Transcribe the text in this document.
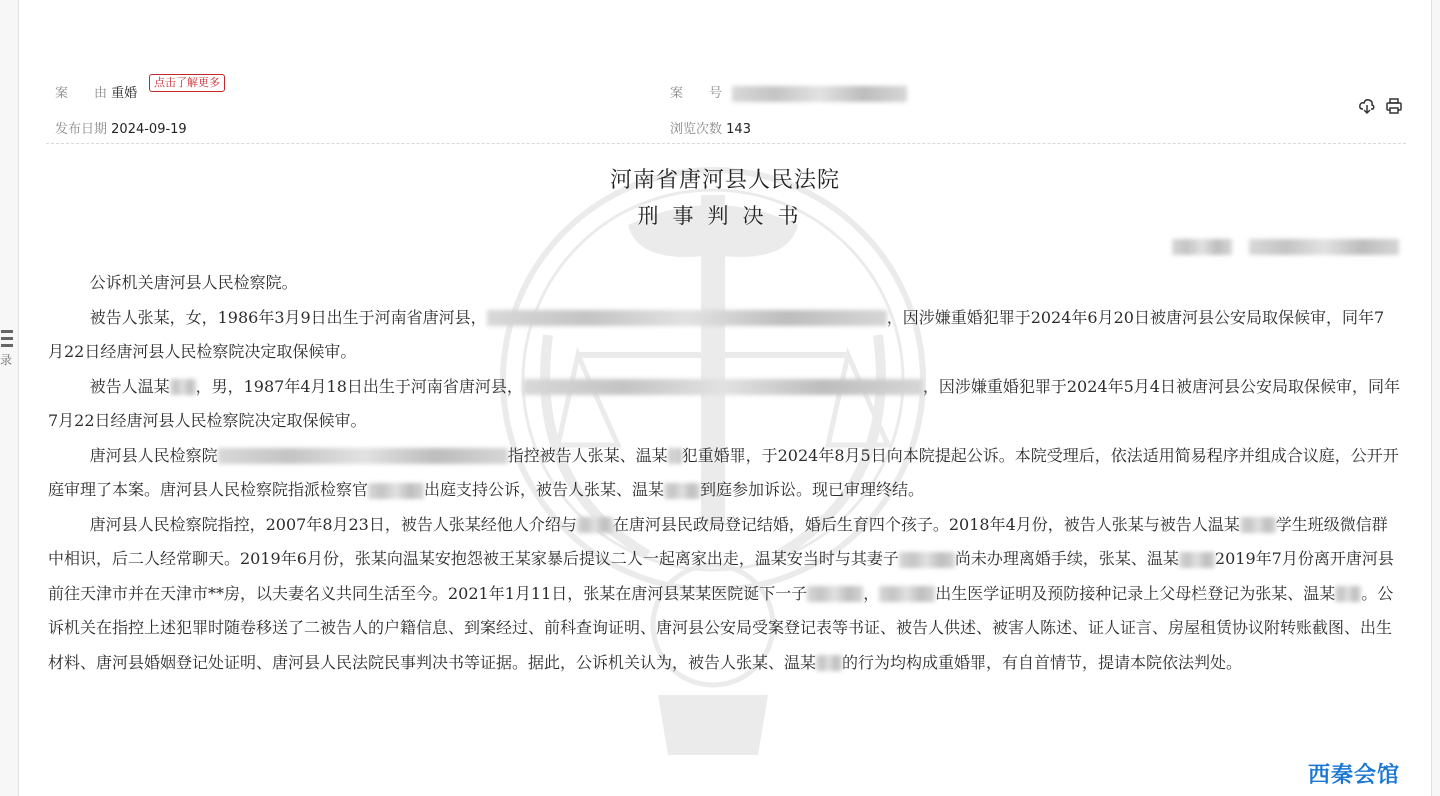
录
案　　由 重婚
点击了解更多
案　　号
发布日期 2024-09-19	浏览次数 143

河南省唐河县人民法院
刑事判决书

公诉机关唐河县人民检察院。

被告人张某，女，1986年3月9日出生于河南省唐河县，	，因涉嫌重婚犯罪于2024年6月20日被唐河县公安局取保候审，同年7月22日经唐河县人民检察院决定取保候审。

被告人温某 ，男，1987年4月18日出生于河南省唐河县，	，因涉嫌重婚犯罪于2024年5月4日被唐河县公安局取保候审，同年7月22日经唐河县人民检察院决定取保候审。

唐河县人民检察院	指控被告人张某、温某 犯重婚罪，于2024年8月5日向本院提起公诉。本院受理后，依法适用简易程序并组成合议庭，公开开庭审理了本案。唐河县人民检察院指派检察官	出庭支持公诉，被告人张某、温某 到庭参加诉讼。现已审理终结。

唐河县人民检察院指控，2007年8月23日，被告人张某经他人介绍与 在唐河县民政局登记结婚，婚后生育四个孩子。2018年4月份，被告人张某与被告人温某 学生班级微信群中相识，后二人经常聊天。2019年6月份，张某向温某安抱怨被王某家暴后提议二人一起离家出走，温某安当时与其妻子	尚未办理离婚手续，张某、温某 2019年7月份离开唐河县前往天津市并在天津市**房，以夫妻名义共同生活至今。2021年1月11日，张某在唐河县某某医院诞下一子	，	出生医学证明及预防接种记录上父母栏登记为张某、温某 。公诉机关在指控上述犯罪时随卷移送了二被告人的户籍信息、到案经过、前科查询证明、唐河县公安局受案登记表等书证、被告人供述、被害人陈述、证人证言、房屋租赁协议附转账截图、出生材料、唐河县婚姻登记处证明、唐河县人民法院民事判决书等证据。据此，公诉机关认为，被告人张某、温某 的行为均构成重婚罪，有自首情节，提请本院依法判处。

西秦会馆
